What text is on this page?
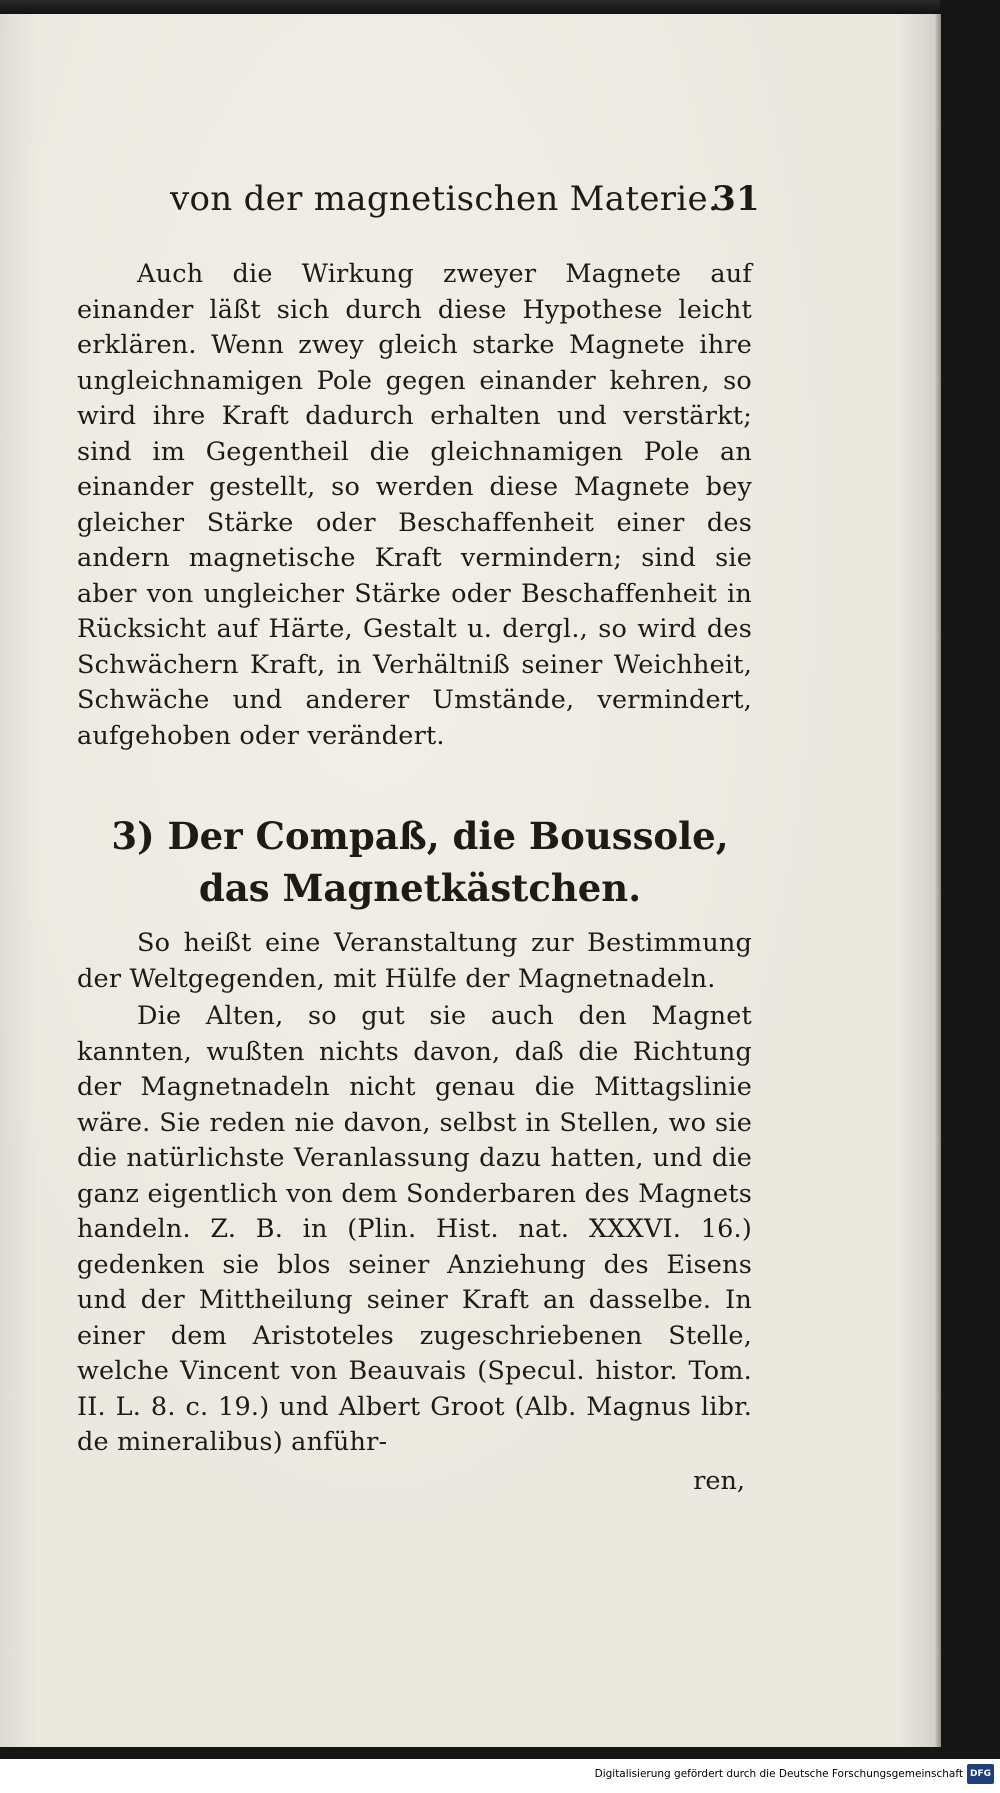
von der magnetischen Materie.
31

Auch die Wirkung zweyer Magnete auf einander läßt sich durch diese Hypothese leicht erklären. Wenn zwey gleich starke Magnete ihre ungleichnamigen Pole gegen einander kehren, so wird ihre Kraft dadurch erhalten und verstärkt; sind im Gegentheil die gleichnamigen Pole an einander gestellt, so werden diese Magnete bey gleicher Stärke oder Beschaffenheit einer des andern magnetische Kraft vermindern; sind sie aber von ungleicher Stärke oder Beschaffenheit in Rücksicht auf Härte, Gestalt u. dergl., so wird des Schwächern Kraft, in Verhältniß seiner Weichheit, Schwäche und anderer Umstände, vermindert, aufgehoben oder verändert.

3) Der Compaß, die Boussole, das Magnetkästchen.

So heißt eine Veranstaltung zur Bestimmung der Weltgegenden, mit Hülfe der Magnetnadeln.

Die Alten, so gut sie auch den Magnet kannten, wußten nichts davon, daß die Richtung der Magnetnadeln nicht genau die Mittagslinie wäre. Sie reden nie davon, selbst in Stellen, wo sie die natürlichste Veranlassung dazu hatten, und die ganz eigentlich von dem Sonderbaren des Magnets handeln. Z. B. in (Plin. Hist. nat. XXXVI. 16.) gedenken sie blos seiner Anziehung des Eisens und der Mittheilung seiner Kraft an dasselbe. In einer dem Aristoteles zugeschriebenen Stelle, welche Vincent von Beauvais (Specul. histor. Tom. II. L. 8. c. 19.) und Albert Groot (Alb. Magnus libr. de mineralibus) anführ-

ren,
Digitalisierung gefördert durch die Deutsche Forschungsgemeinschaft DFG
